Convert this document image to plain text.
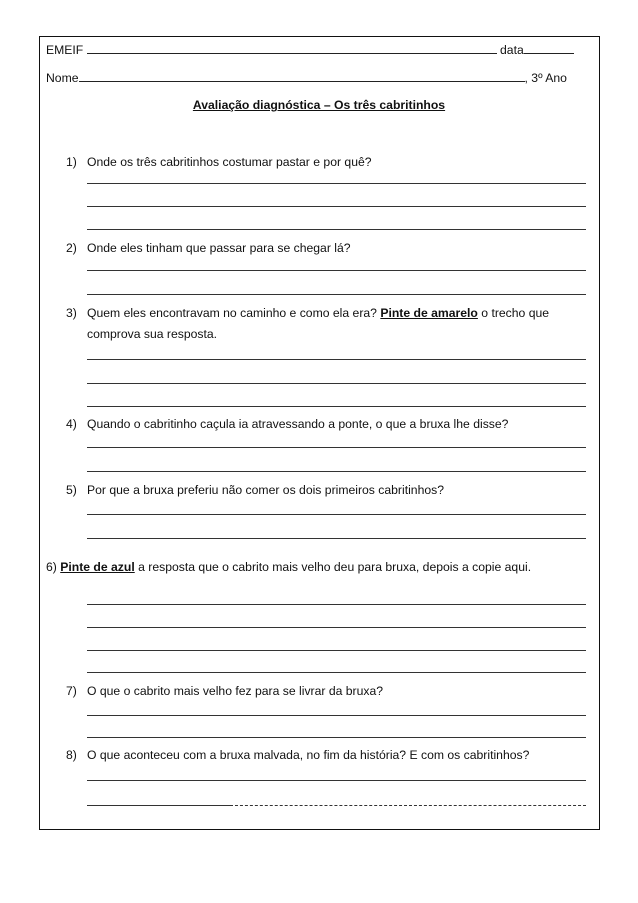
EMEIF	data
Nome	, 3º Ano
Avaliação diagnóstica – Os três cabritinhos
1) Onde os três cabritinhos costumar pastar e por quê?
2) Onde eles tinham que passar para se chegar lá?
3) Quem eles encontravam no caminho e como ela era? Pinte de amarelo o trecho que
comprova sua resposta.
4) Quando o cabritinho caçula ia atravessando a ponte, o que a bruxa lhe disse?
5) Por que a bruxa preferiu não comer os dois primeiros cabritinhos?
6) Pinte de azul a resposta que o cabrito mais velho deu para bruxa, depois a copie aqui.
7) O que o cabrito mais velho fez para se livrar da bruxa?
8) O que aconteceu com a bruxa malvada, no fim da história? E com os cabritinhos?
